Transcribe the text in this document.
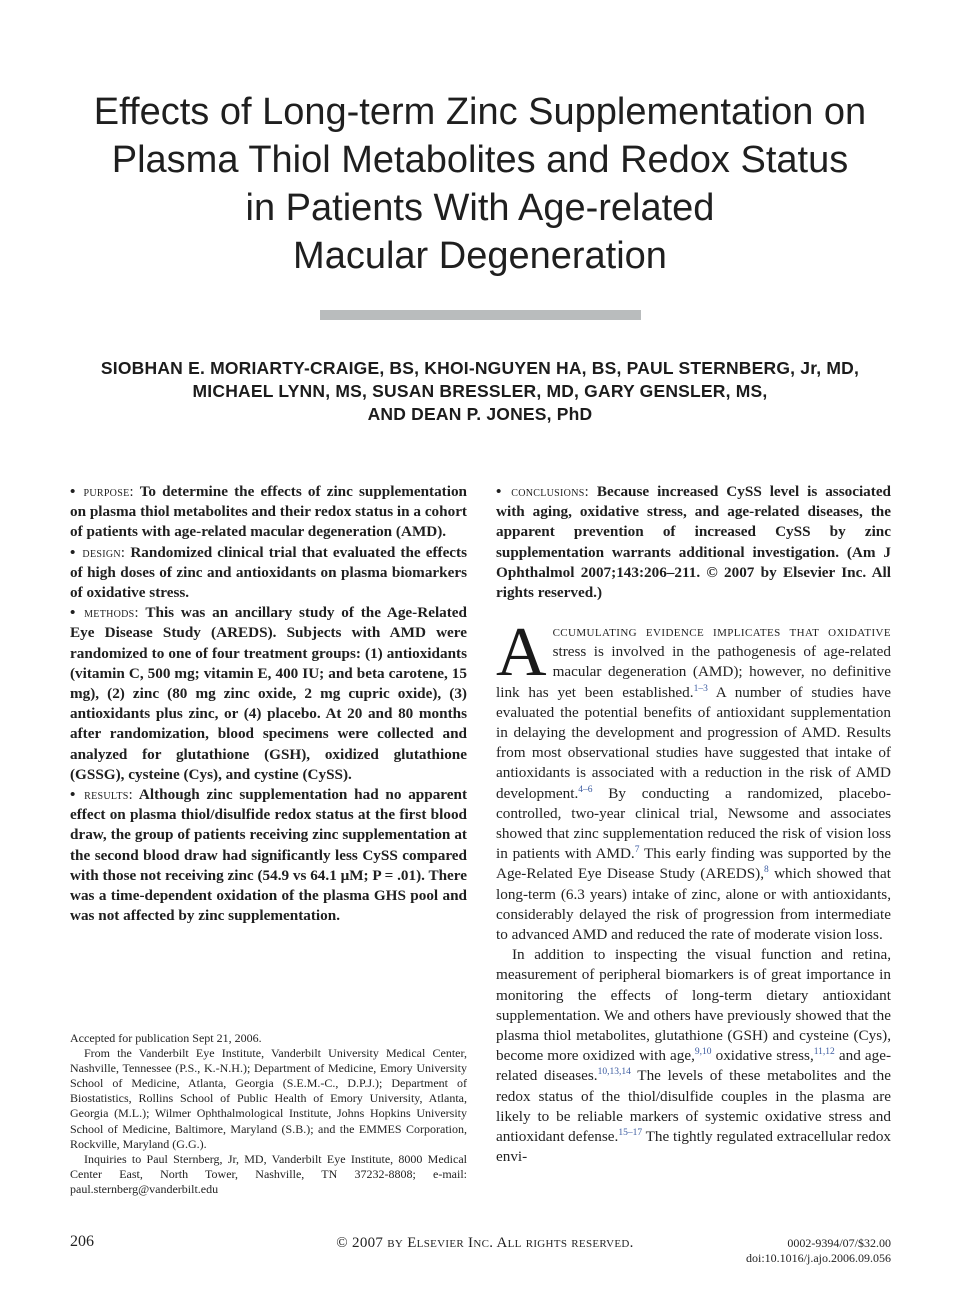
Effects of Long-term Zinc Supplementation on
Plasma Thiol Metabolites and Redox Status
in Patients With Age-related
Macular Degeneration
SIOBHAN E. MORIARTY-CRAIGE, BS, KHOI-NGUYEN HA, BS, PAUL STERNBERG, Jr, MD,
MICHAEL LYNN, MS, SUSAN BRESSLER, MD, GARY GENSLER, MS,
AND DEAN P. JONES, PhD

• purpose: To determine the effects of zinc supplementation on plasma thiol metabolites and their redox status in a cohort of patients with age-related macular degeneration (AMD).

• design: Randomized clinical trial that evaluated the effects of high doses of zinc and antioxidants on plasma biomarkers of oxidative stress.

• methods: This was an ancillary study of the Age-Related Eye Disease Study (AREDS). Subjects with AMD were randomized to one of four treatment groups: (1) antioxidants (vitamin C, 500 mg; vitamin E, 400 IU; and beta carotene, 15 mg), (2) zinc (80 mg zinc oxide, 2 mg cupric oxide), (3) antioxidants plus zinc, or (4) placebo. At 20 and 80 months after randomization, blood specimens were collected and analyzed for glutathione (GSH), oxidized glutathione (GSSG), cysteine (Cys), and cystine (CySS).

• results: Although zinc supplementation had no apparent effect on plasma thiol/disulfide redox status at the first blood draw, the group of patients receiving zinc supplementation at the second blood draw had significantly less CySS compared with those not receiving zinc (54.9 vs 64.1 μM; P = .01). There was a time-dependent oxidation of the plasma GHS pool and was not affected by zinc supplementation.

• conclusions: Because increased CySS level is associated with aging, oxidative stress, and age-related diseases, the apparent prevention of increased CySS by zinc supplementation warrants additional investigation. (Am J Ophthalmol 2007;143:206–211. © 2007 by Elsevier Inc. All rights reserved.)

Accumulating evidence implicates that oxidative stress is involved in the pathogenesis of age-related macular degeneration (AMD); however, no definitive link has yet been established.$^{1-3}$ A number of studies have evaluated the potential benefits of antioxidant supplementation in delaying the development and progression of AMD. Results from most observational studies have suggested that intake of antioxidants is associated with a reduction in the risk of AMD development.$^{4-6}$ By conducting a randomized, placebo-controlled, two-year clinical trial, Newsome and associates showed that zinc supplementation reduced the risk of vision loss in patients with AMD.$^7$ This early finding was supported by the Age-Related Eye Disease Study (AREDS),$^8$ which showed that long-term (6.3 years) intake of zinc, alone or with antioxidants, considerably delayed the risk of progression from intermediate to advanced AMD and reduced the rate of moderate vision loss.

In addition to inspecting the visual function and retina, measurement of peripheral biomarkers is of great importance in monitoring the effects of long-term dietary antioxidant supplementation. We and others have previously showed that the plasma thiol metabolites, glutathione (GSH) and cysteine (Cys), become more oxidized with age,$^{9,10}$ oxidative stress,$^{11,12}$ and age-related diseases.$^{10,13,14}$ The levels of these metabolites and the redox status of the thiol/disulfide couples in the plasma are likely to be reliable markers of systemic oxidative stress and antioxidant defense.$^{15-17}$ The tightly regulated extracellular redox envi-

Accepted for publication Sept 21, 2006.

From the Vanderbilt Eye Institute, Vanderbilt University Medical Center, Nashville, Tennessee (P.S., K.-N.H.); Department of Medicine, Emory University School of Medicine, Atlanta, Georgia (S.E.M.-C., D.P.J.); Department of Biostatistics, Rollins School of Public Health of Emory University, Atlanta, Georgia (M.L.); Wilmer Ophthalmological Institute, Johns Hopkins University School of Medicine, Baltimore, Maryland (S.B.); and the EMMES Corporation, Rockville, Maryland (G.G.).

Inquiries to Paul Sternberg, Jr, MD, Vanderbilt Eye Institute, 8000 Medical Center East, North Tower, Nashville, TN 37232-8808; e-mail: paul.sternberg@vanderbilt.edu

206	© 2007 by Elsevier Inc. All rights reserved.	0002-9394/07/$32.00
doi:10.1016/j.ajo.2006.09.056
